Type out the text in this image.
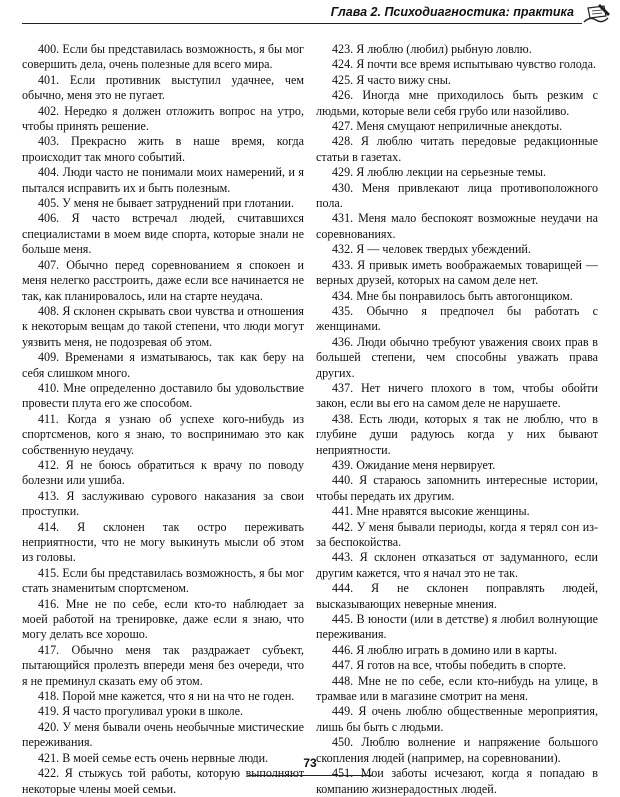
Глава 2. Психодиагностика: практика

400. Если бы представилась возможность, я бы мог совершить дела, очень полезные для всего мира.

401. Если противник выступил удачнее, чем обычно, меня это не пугает.

402. Нередко я должен отложить вопрос на утро, чтобы принять решение.

403. Прекрасно жить в наше время, когда происходит так много событий.

404. Люди часто не понимали моих намерений, и я пытался исправить их и быть полезным.

405. У меня не бывает затруднений при глотании.

406. Я часто встречал людей, считавшихся специалистами в моем виде спорта, которые знали не больше меня.

407. Обычно перед соревнованием я спокоен и меня нелегко расстроить, даже если все начинается не так, как планировалось, или на старте неудача.

408. Я склонен скрывать свои чувства и отношения к некоторым вещам до такой степени, что люди могут уязвить меня, не подозревая об этом.

409. Временами я изматываюсь, так как беру на себя слишком много.

410. Мне определенно доставило бы удовольствие провести плута его же способом.

411. Когда я узнаю об успехе кого-нибудь из спортсменов, кого я знаю, то воспринимаю это как собственную неудачу.

412. Я не боюсь обратиться к врачу по поводу болезни или ушиба.

413. Я заслуживаю сурового наказания за свои проступки.

414. Я склонен так остро переживать неприятности, что не могу выкинуть мысли об этом из головы.

415. Если бы представилась возможность, я бы мог стать знаменитым спортсменом.

416. Мне не по себе, если кто-то наблюдает за моей работой на тренировке, даже если я знаю, что могу делать все хорошо.

417. Обычно меня так раздражает субъект, пытающийся пролезть впереди меня без очереди, что я не преминул сказать ему об этом.

418. Порой мне кажется, что я ни на что не годен.

419. Я часто прогуливал уроки в школе.

420. У меня бывали очень необычные мистические переживания.

421. В моей семье есть очень нервные люди.

422. Я стыжусь той работы, которую выполняют некоторые члены моей семьи.

423. Я люблю (любил) рыбную ловлю.

424. Я почти все время испытываю чувство голода.

425. Я часто вижу сны.

426. Иногда мне приходилось быть резким с людьми, которые вели себя грубо или назойливо.

427. Меня смущают неприличные анекдоты.

428. Я люблю читать передовые редакционные статьи в газетах.

429. Я люблю лекции на серьезные темы.

430. Меня привлекают лица противоположного пола.

431. Меня мало беспокоят возможные неудачи на соревнованиях.

432. Я — человек твердых убеждений.

433. Я привык иметь воображаемых товарищей — верных друзей, которых на самом деле нет.

434. Мне бы понравилось быть автогонщиком.

435. Обычно я предпочел бы работать с женщинами.

436. Люди обычно требуют уважения своих прав в большей степени, чем способны уважать права других.

437. Нет ничего плохого в том, чтобы обойти закон, если вы его на самом деле не нарушаете.

438. Есть люди, которых я так не люблю, что в глубине души радуюсь когда у них бывают неприятности.

439. Ожидание меня нервирует.

440. Я стараюсь запомнить интересные истории, чтобы передать их другим.

441. Мне нравятся высокие женщины.

442. У меня бывали периоды, когда я терял сон из-за беспокойства.

443. Я склонен отказаться от задуманного, если другим кажется, что я начал это не так.

444. Я не склонен поправлять людей, высказывающих неверные мнения.

445. В юности (или в детстве) я любил волнующие переживания.

446. Я люблю играть в домино или в карты.

447. Я готов на все, чтобы победить в спорте.

448. Мне не по себе, если кто-нибудь на улице, в трамвае или в магазине смотрит на меня.

449. Я очень люблю общественные мероприятия, лишь бы быть с людьми.

450. Люблю волнение и напряжение большого скопления людей (например, на соревновании).

451. Мои заботы исчезают, когда я попадаю в компанию жизнерадостных людей.

73
